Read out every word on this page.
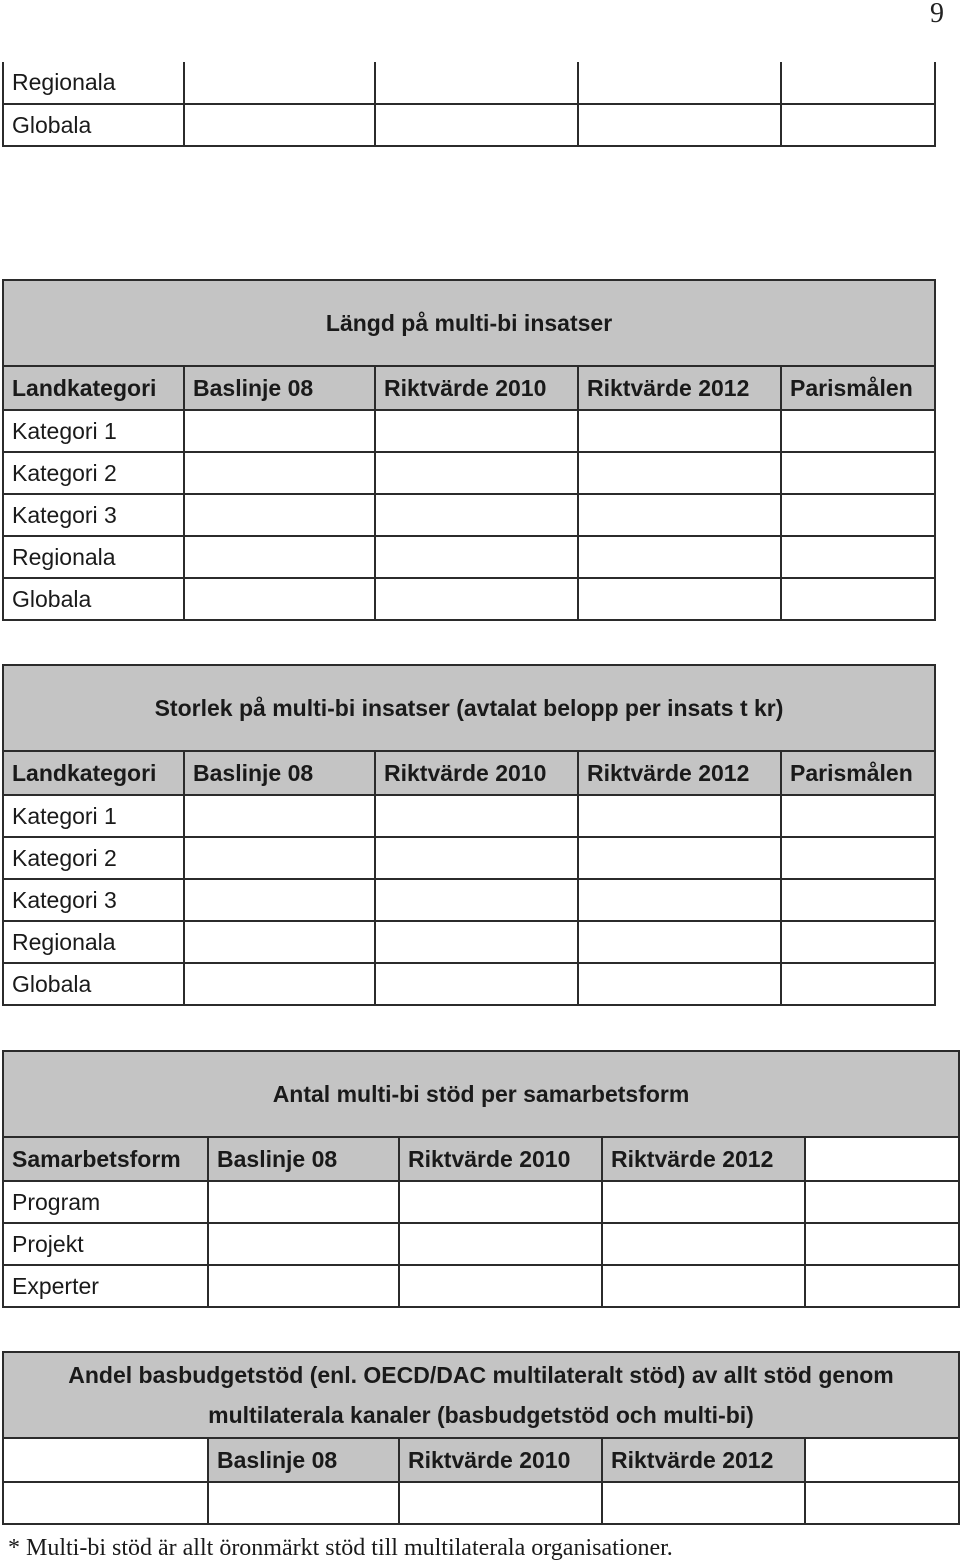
9
Regionala				
Globala				
Längd på multi-bi insatser				
Landkategori	Baslinje 08	Riktvärde 2010	Riktvärde 2012	Parismålen
Kategori 1				
Kategori 2				
Kategori 3				
Regionala				
Globala				
Storlek på multi-bi insatser (avtalat belopp per insats t kr)				
Landkategori	Baslinje 08	Riktvärde 2010	Riktvärde 2012	Parismålen
Kategori 1				
Kategori 2				
Kategori 3				
Regionala				
Globala				
Antal multi-bi stöd per samarbetsform				
Samarbetsform	Baslinje 08	Riktvärde 2010	Riktvärde 2012	
Program				
Projekt				
Experter				
Andel basbudgetstöd (enl. OECD/DAC multilateralt stöd) av allt stöd genom
multilaterala kanaler (basbudgetstöd och multi-bi)				
	Baslinje 08	Riktvärde 2010	Riktvärde 2012	

* Multi-bi stöd är allt öronmärkt stöd till multilaterala organisationer.
